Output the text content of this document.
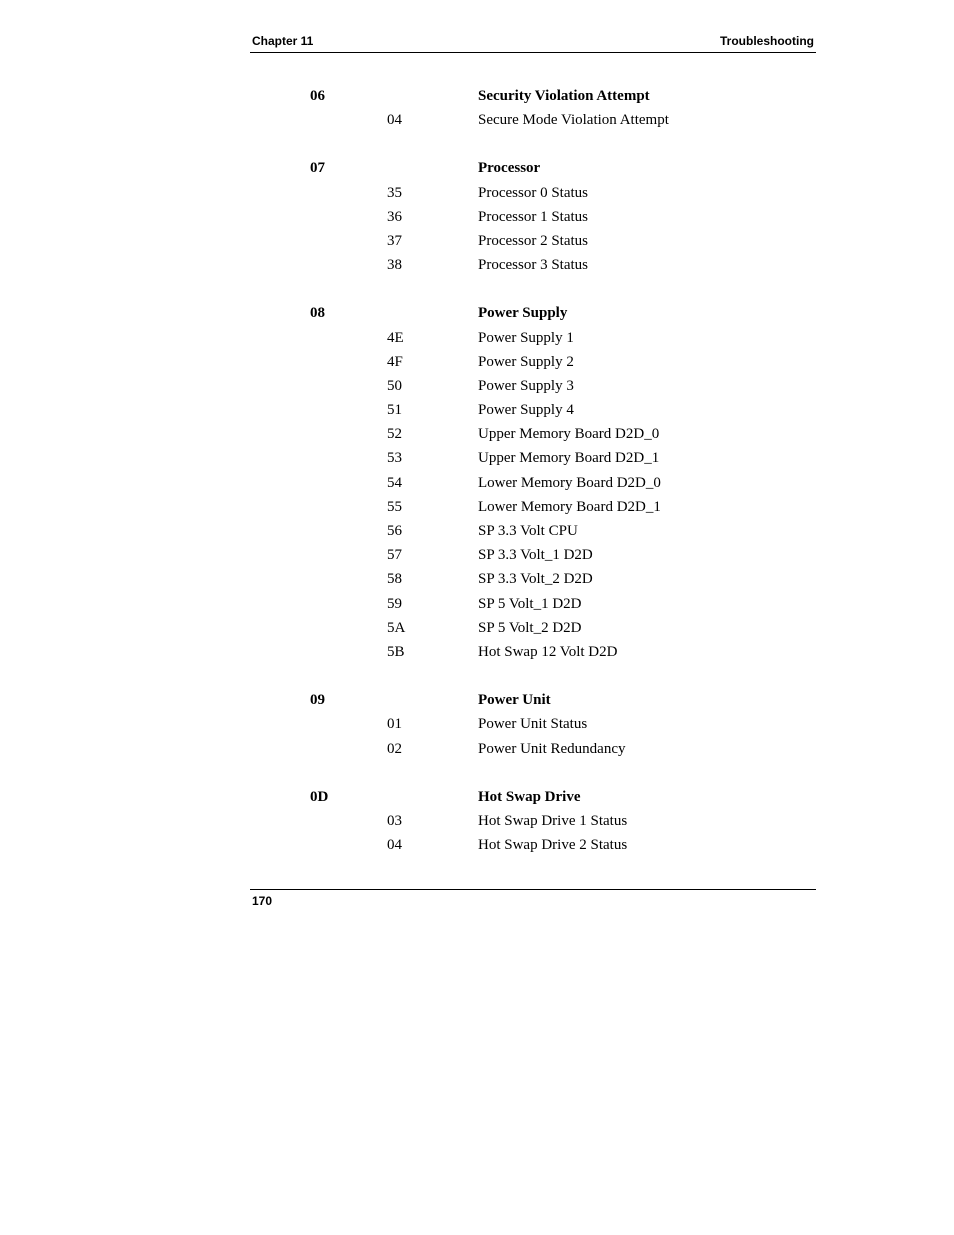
Chapter 11	Troubleshooting
06	Security Violation Attempt
04	Secure Mode Violation Attempt
07	Processor
35	Processor 0 Status
36	Processor 1 Status
37	Processor 2 Status
38	Processor 3 Status
08	Power Supply
4E	Power Supply 1
4F	Power Supply 2
50	Power Supply 3
51	Power Supply 4
52	Upper Memory Board D2D_0
53	Upper Memory Board D2D_1
54	Lower Memory Board D2D_0
55	Lower Memory Board D2D_1
56	SP 3.3 Volt CPU
57	SP 3.3 Volt_1 D2D
58	SP 3.3 Volt_2 D2D
59	SP 5 Volt_1 D2D
5A	SP 5 Volt_2 D2D
5B	Hot Swap 12 Volt D2D
09	Power Unit
01	Power Unit Status
02	Power Unit Redundancy
0D	Hot Swap Drive
03	Hot Swap Drive 1 Status
04	Hot Swap Drive 2 Status
170
